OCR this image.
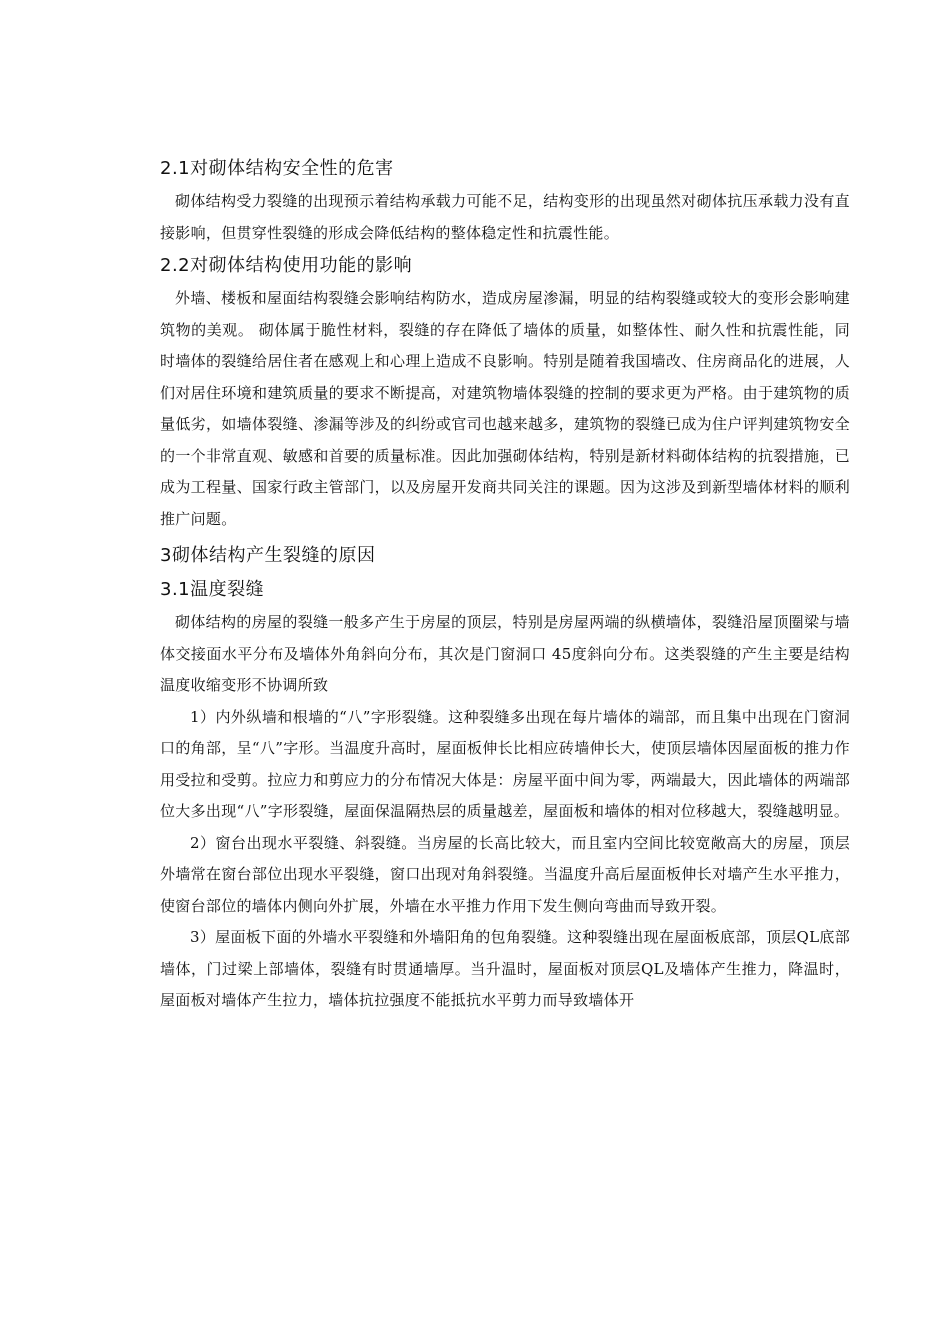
2.1对砌体结构安全性的危害

砌体结构受力裂缝的出现预示着结构承载力可能不足，结构变形的出现虽然对砌体抗压承载力没有直接影响，但贯穿性裂缝的形成会降低结构的整体稳定性和抗震性能。

2.2对砌体结构使用功能的影响

外墙、楼板和屋面结构裂缝会影响结构防水，造成房屋渗漏，明显的结构裂缝或较大的变形会影响建筑物的美观。 砌体属于脆性材料，裂缝的存在降低了墙体的质量，如整体性、耐久性和抗震性能，同时墙体的裂缝给居住者在感观上和心理上造成不良影响。特别是随着我国墙改、住房商品化的进展，人们对居住环境和建筑质量的要求不断提高，对建筑物墙体裂缝的控制的要求更为严格。由于建筑物的质量低劣，如墙体裂缝、渗漏等涉及的纠纷或官司也越来越多，建筑物的裂缝已成为住户评判建筑物安全的一个非常直观、敏感和首要的质量标准。因此加强砌体结构，特别是新材料砌体结构的抗裂措施，已成为工程量、国家行政主管部门，以及房屋开发商共同关注的课题。因为这涉及到新型墙体材料的顺利推广问题。

3砌体结构产生裂缝的原因
3.1温度裂缝

砌体结构的房屋的裂缝一般多产生于房屋的顶层，特别是房屋两端的纵横墙体，裂缝沿屋顶圈梁与墙体交接面水平分布及墙体外角斜向分布，其次是门窗洞口 45度斜向分布。这类裂缝的产生主要是结构温度收缩变形不协调所致

1）内外纵墙和根墙的“八”字形裂缝。这种裂缝多出现在每片墙体的端部，而且集中出现在门窗洞口的角部，呈“八”字形。当温度升高时，屋面板伸长比相应砖墙伸长大，使顶层墙体因屋面板的推力作用受拉和受剪。拉应力和剪应力的分布情况大体是：房屋平面中间为零，两端最大，因此墙体的两端部位大多出现“八”字形裂缝，屋面保温隔热层的质量越差，屋面板和墙体的相对位移越大，裂缝越明显。

2）窗台出现水平裂缝、斜裂缝。当房屋的长高比较大，而且室内空间比较宽敞高大的房屋，顶层外墙常在窗台部位出现水平裂缝，窗口出现对角斜裂缝。当温度升高后屋面板伸长对墙产生水平推力，使窗台部位的墙体内侧向外扩展，外墙在水平推力作用下发生侧向弯曲而导致开裂。

3）屋面板下面的外墙水平裂缝和外墙阳角的包角裂缝。这种裂缝出现在屋面板底部，顶层QL底部墙体，门过梁上部墙体，裂缝有时贯通墙厚。当升温时，屋面板对顶层QL及墙体产生推力，降温时，屋面板对墙体产生拉力，墙体抗拉强度不能抵抗水平剪力而导致墙体开
